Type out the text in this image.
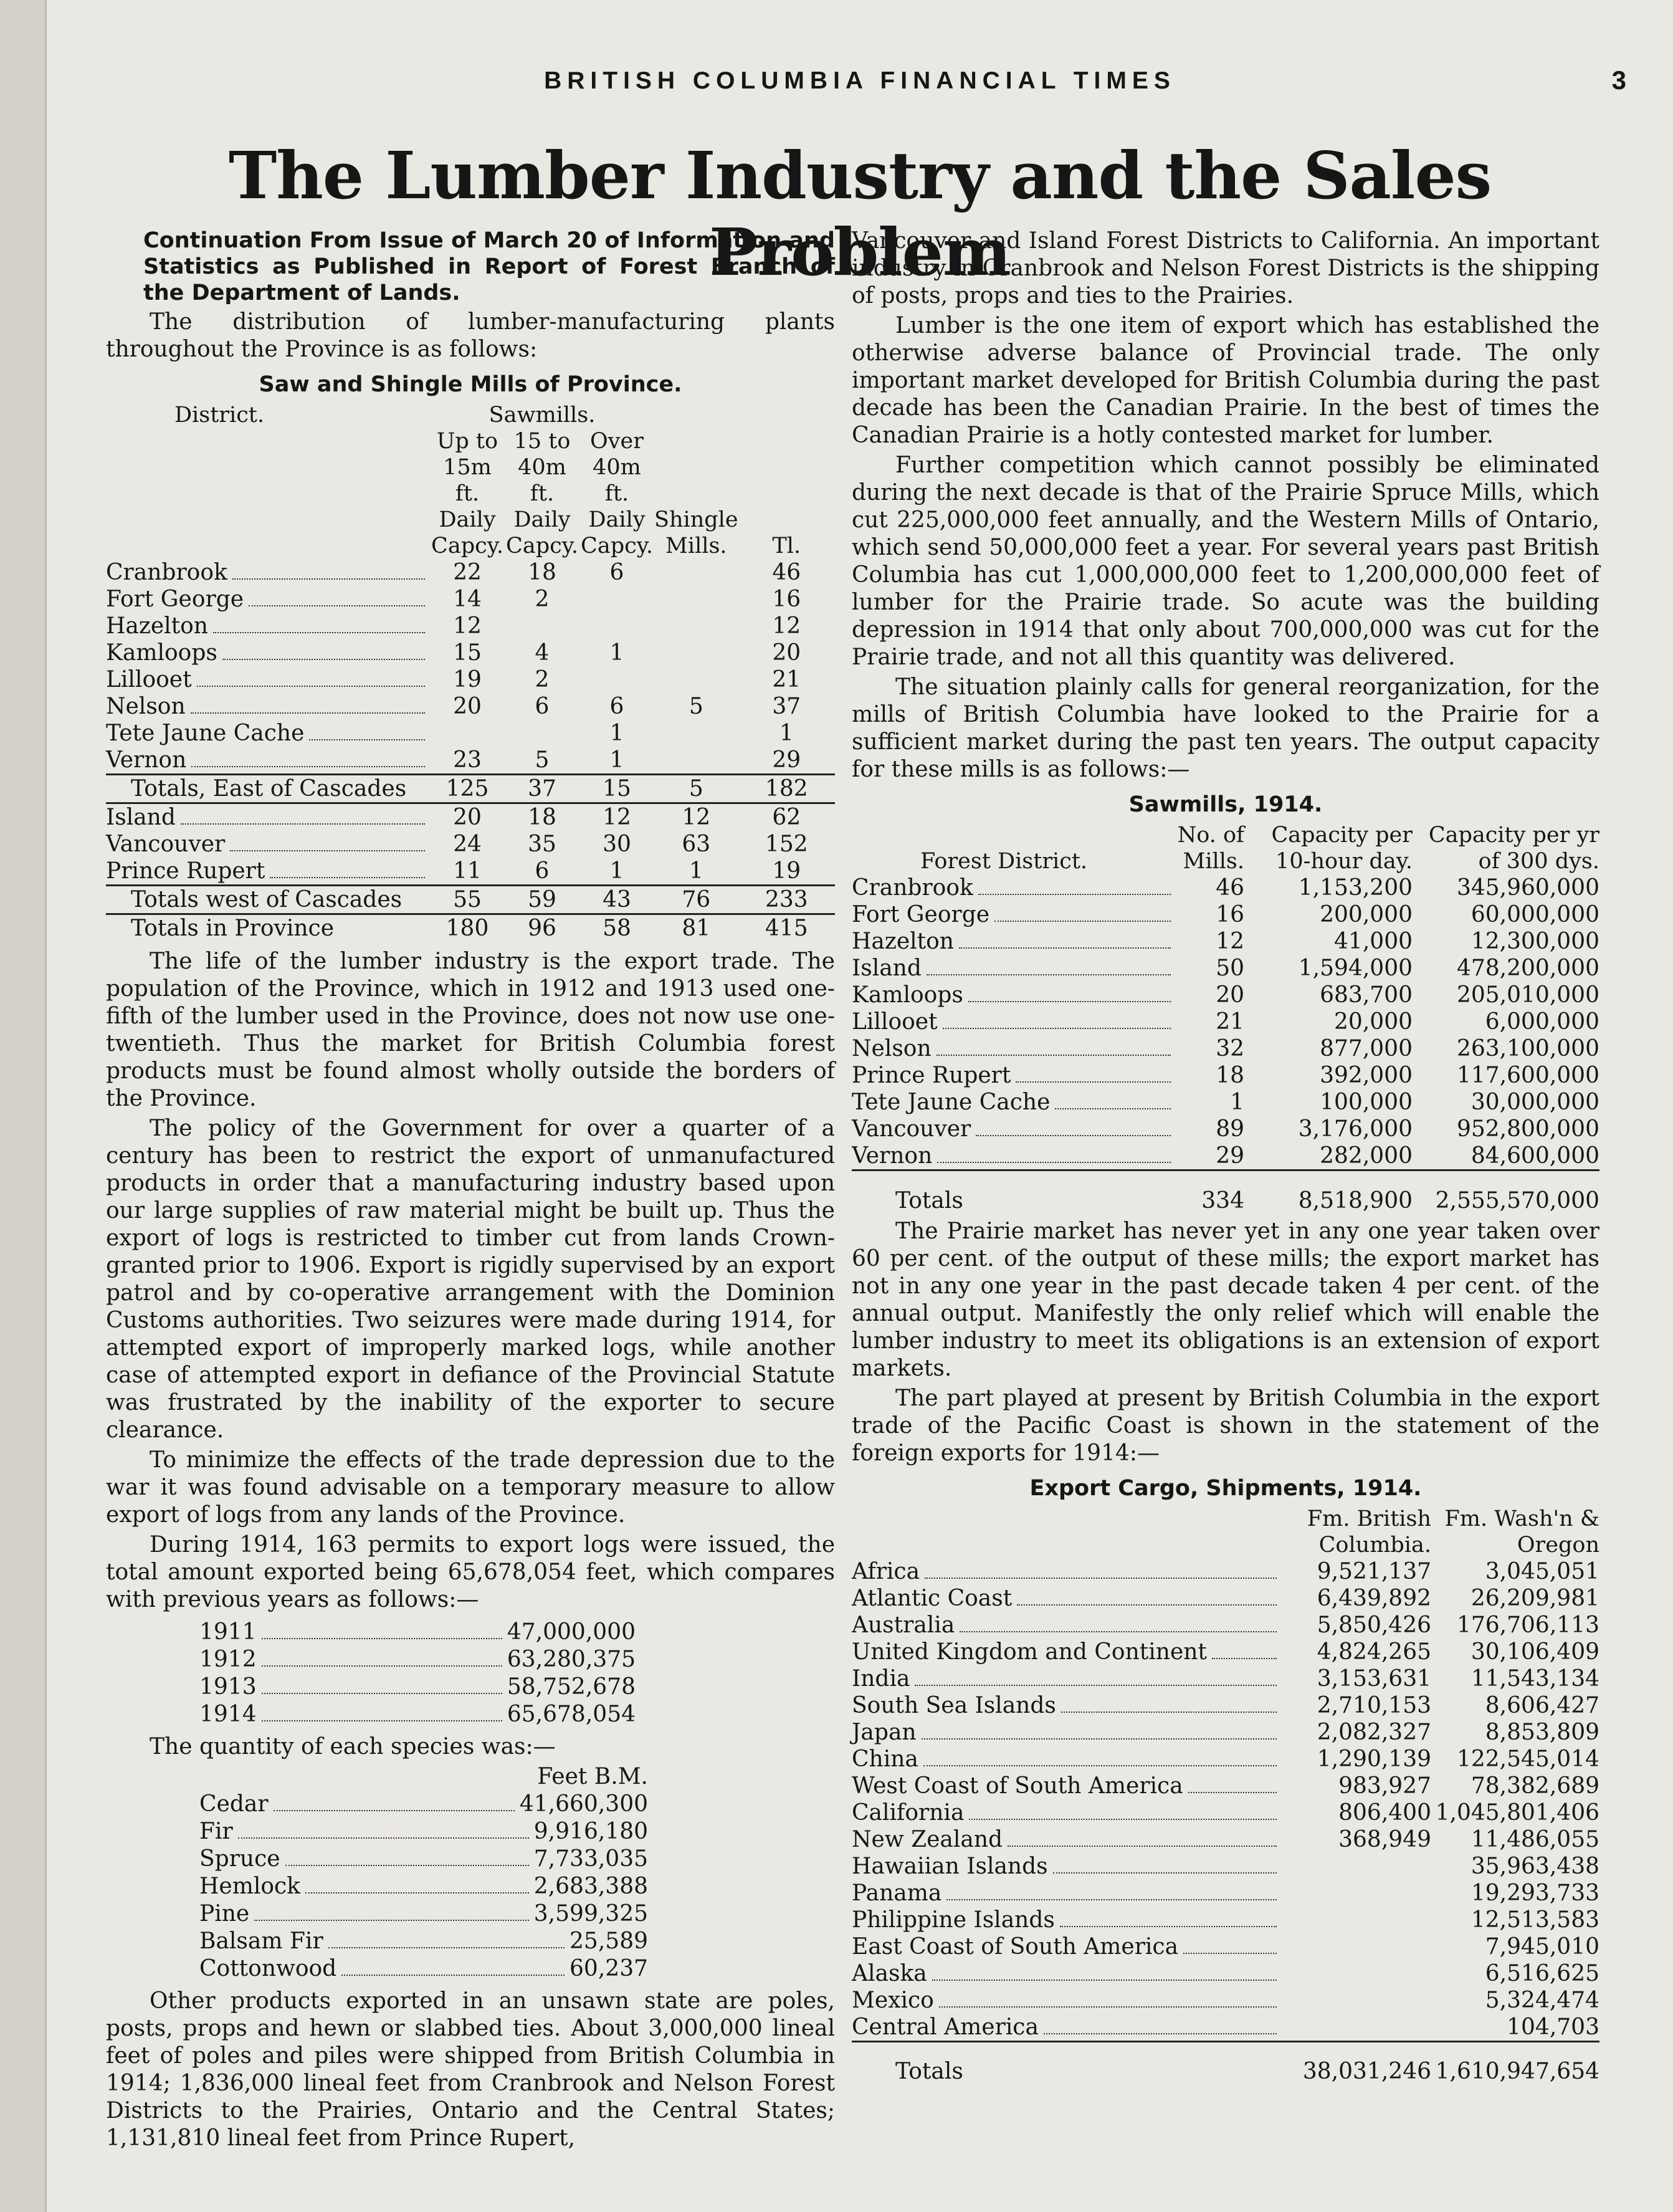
BRITISH COLUMBIA FINANCIAL TIMES	3
The Lumber Industry and the Sales Problem

Continuation From Issue of March 20 of Information and Statistics as Published in Report of Forest Branch of the Department of Lands.

The distribution of lumber-manufacturing plants throughout the Province is as follows:

Saw and Shingle Mills of Province.
District.	Sawmills.				
	Up to 15m ft. Daily Capcy.	15 to 40m ft. Daily Capcy.	Over 40m ft. Daily Capcy.	Shingle Mills.	Tl.

Cranbrook	22	18	6		46

Fort George	14	2			16

Hazelton	12				12

Kamloops	15	4	1		20

Lillooet	19	2			21

Nelson	20	6	6	5	37

Tete Jaune Cache			1		1

Vernon	23	5	1		29
Totals, East of Cascades	125	37	15	5	182

Island	20	18	12	12	62

Vancouver	24	35	30	63	152

Prince Rupert	11	6	1	1	19
Totals west of Cascades	55	59	43	76	233
Totals in Province	180	96	58	81	415

The life of the lumber industry is the export trade. The population of the Province, which in 1912 and 1913 used one-fifth of the lumber used in the Province, does not now use one-twentieth. Thus the market for British Columbia forest products must be found almost wholly outside the borders of the Province.

The policy of the Government for over a quarter of a century has been to restrict the export of unmanufactured products in order that a manufacturing industry based upon our large supplies of raw material might be built up. Thus the export of logs is restricted to timber cut from lands Crown-granted prior to 1906. Export is rigidly supervised by an export patrol and by co-operative arrangement with the Dominion Customs authorities. Two seizures were made during 1914, for attempted export of improperly marked logs, while another case of attempted export in defiance of the Provincial Statute was frustrated by the inability of the exporter to secure clearance.

To minimize the effects of the trade depression due to the war it was found advisable on a temporary measure to allow export of logs from any lands of the Province.

During 1914, 163 permits to export logs were issued, the total amount exported being 65,678,054 feet, which compares with previous years as follows:—

1911	47,000,000
1912	63,280,375
1913	58,752,678
1914	65,678,054

The quantity of each species was:—

Feet B.M.
Cedar	41,660,300
Fir	9,916,180
Spruce	7,733,035
Hemlock	2,683,388
Pine	3,599,325
Balsam Fir	25,589
Cottonwood	60,237

Other products exported in an unsawn state are poles, posts, props and hewn or slabbed ties. About 3,000,000 lineal feet of poles and piles were shipped from British Columbia in 1914; 1,836,000 lineal feet from Cranbrook and Nelson Forest Districts to the Prairies, Ontario and the Central States; 1,131,810 lineal feet from Prince Rupert,

Vancouver and Island Forest Districts to California. An important industry in Cranbrook and Nelson Forest Districts is the shipping of posts, props and ties to the Prairies.

Lumber is the one item of export which has established the otherwise adverse balance of Provincial trade. The only important market developed for British Columbia during the past decade has been the Canadian Prairie. In the best of times the Canadian Prairie is a hotly contested market for lumber.

Further competition which cannot possibly be eliminated during the next decade is that of the Prairie Spruce Mills, which cut 225,000,000 feet annually, and the Western Mills of Ontario, which send 50,000,000 feet a year. For several years past British Columbia has cut 1,000,000,000 feet to 1,200,000,000 feet of lumber for the Prairie trade. So acute was the building depression in 1914 that only about 700,000,000 was cut for the Prairie trade, and not all this quantity was delivered.

The situation plainly calls for general reorganization, for the mills of British Columbia have looked to the Prairie for a sufficient market during the past ten years. The output capacity for these mills is as follows:—

Sawmills, 1914.
Forest District.	No. of Mills.	Capacity per 10-hour day.	Capacity per yr of 300 dys.

Cranbrook	46	1,153,200	345,960,000

Fort George	16	200,000	60,000,000

Hazelton	12	41,000	12,300,000

Island	50	1,594,000	478,200,000

Kamloops	20	683,700	205,010,000

Lillooet	21	20,000	6,000,000

Nelson	32	877,000	263,100,000

Prince Rupert	18	392,000	117,600,000

Tete Jaune Cache	1	100,000	30,000,000

Vancouver	89	3,176,000	952,800,000

Vernon	29	282,000	84,600,000
Totals	334	8,518,900	2,555,570,000

The Prairie market has never yet in any one year taken over 60 per cent. of the output of these mills; the export market has not in any one year in the past decade taken 4 per cent. of the annual output. Manifestly the only relief which will enable the lumber industry to meet its obligations is an extension of export markets.

The part played at present by British Columbia in the export trade of the Pacific Coast is shown in the statement of the foreign exports for 1914:—

Export Cargo, Shipments, 1914.
	Fm. British Columbia.	Fm. Wash'n & Oregon

Africa	9,521,137	3,045,051

Atlantic Coast	6,439,892	26,209,981

Australia	5,850,426	176,706,113

United Kingdom and Continent	4,824,265	30,106,409

India	3,153,631	11,543,134

South Sea Islands	2,710,153	8,606,427

Japan	2,082,327	8,853,809

China	1,290,139	122,545,014

West Coast of South America	983,927	78,382,689

California	806,400	1,045,801,406

New Zealand	368,949	11,486,055

Hawaiian Islands		35,963,438

Panama		19,293,733

Philippine Islands		12,513,583

East Coast of South America		7,945,010

Alaska		6,516,625

Mexico		5,324,474

Central America		104,703
Totals	38,031,246	1,610,947,654
